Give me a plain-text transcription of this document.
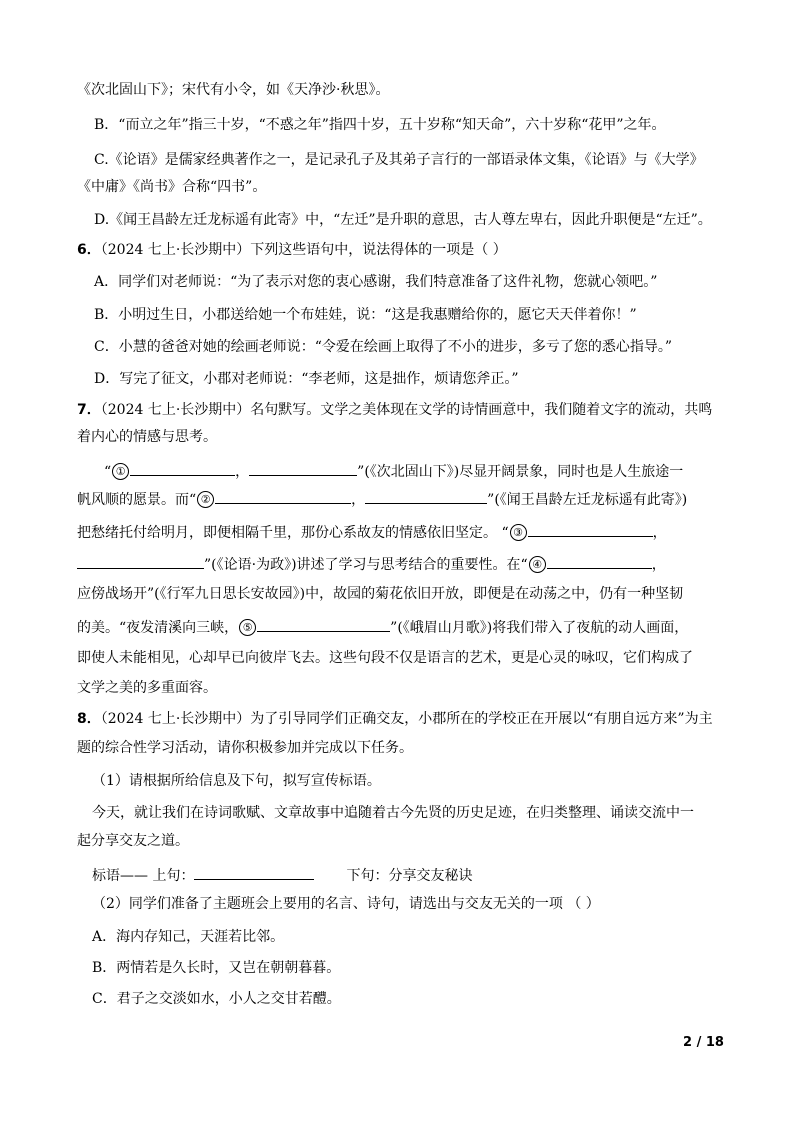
《次北固山下》；宋代有小令，如《天净沙·秋思》。
B．“而立之年”指三十岁，“不惑之年”指四十岁，五十岁称“知天命”，六十岁称“花甲”之年。
C.《论语》是儒家经典著作之一，是记录孔子及其弟子言行的一部语录体文集，《论语》与《大学》
《中庸》《尚书》合称“四书”。
D.《闻王昌龄左迁龙标遥有此寄》中，“左迁”是升职的意思，古人尊左卑右，因此升职便是“左迁”。
6．（2024 七上·长沙期中）下列这些语句中，说法得体的一项是（ ）
A．同学们对老师说：“为了表示对您的衷心感谢，我们特意准备了这件礼物，您就心领吧。”
B．小明过生日，小郡送给她一个布娃娃，说：“这是我惠赠给你的，愿它天天伴着你！”
C．小慧的爸爸对她的绘画老师说：“令爱在绘画上取得了不小的进步，多亏了您的悉心指导。”
D．写完了征文，小郡对老师说：“李老师，这是拙作，烦请您斧正。”
7．（2024 七上·长沙期中）名句默写。文学之美体现在文学的诗情画意中，我们随着文字的流动，共鸣
着内心的情感与思考。
“ ①	，	”(《次北固山下》)尽显开阔景象，同时也是人生旅途一
帆风顺的愿景。而“ ②	，	”(《闻王昌龄左迁龙标遥有此寄》)
把愁绪托付给明月，即便相隔千里，那份心系故友的情感依旧坚定。 “ ③	，
”(《论语·为政》)讲述了学习与思考结合的重要性。在“ ④	，
应傍战场开”(《行军九日思长安故园》)中，故园的菊花依旧开放，即便是在动荡之中，仍有一种坚韧
的美。“夜发清溪向三峡， ⑤	”(《峨眉山月歌》)将我们带入了夜航的动人画面，
即使人未能相见，心却早已向彼岸飞去。这些句段不仅是语言的艺术，更是心灵的咏叹，它们构成了
文学之美的多重面容。
8．（2024 七上·长沙期中）为了引导同学们正确交友，小郡所在的学校正在开展以“有朋自远方来”为主
题的综合性学习活动，请你积极参加并完成以下任务。
（1）请根据所给信息及下句，拟写宣传标语。
今天，就让我们在诗词歌赋、文章故事中追随着古今先贤的历史足迹，在归类整理、诵读交流中一
起分享交友之道。
标语—— 上句：	下句：分享交友秘诀
（2）同学们准备了主题班会上要用的名言、诗句，请选出与交友无关的一项 （ ）
A．海内存知己，天涯若比邻。
B．两情若是久长时，又岂在朝朝暮暮。
C．君子之交淡如水，小人之交甘若醴。
2 / 18
